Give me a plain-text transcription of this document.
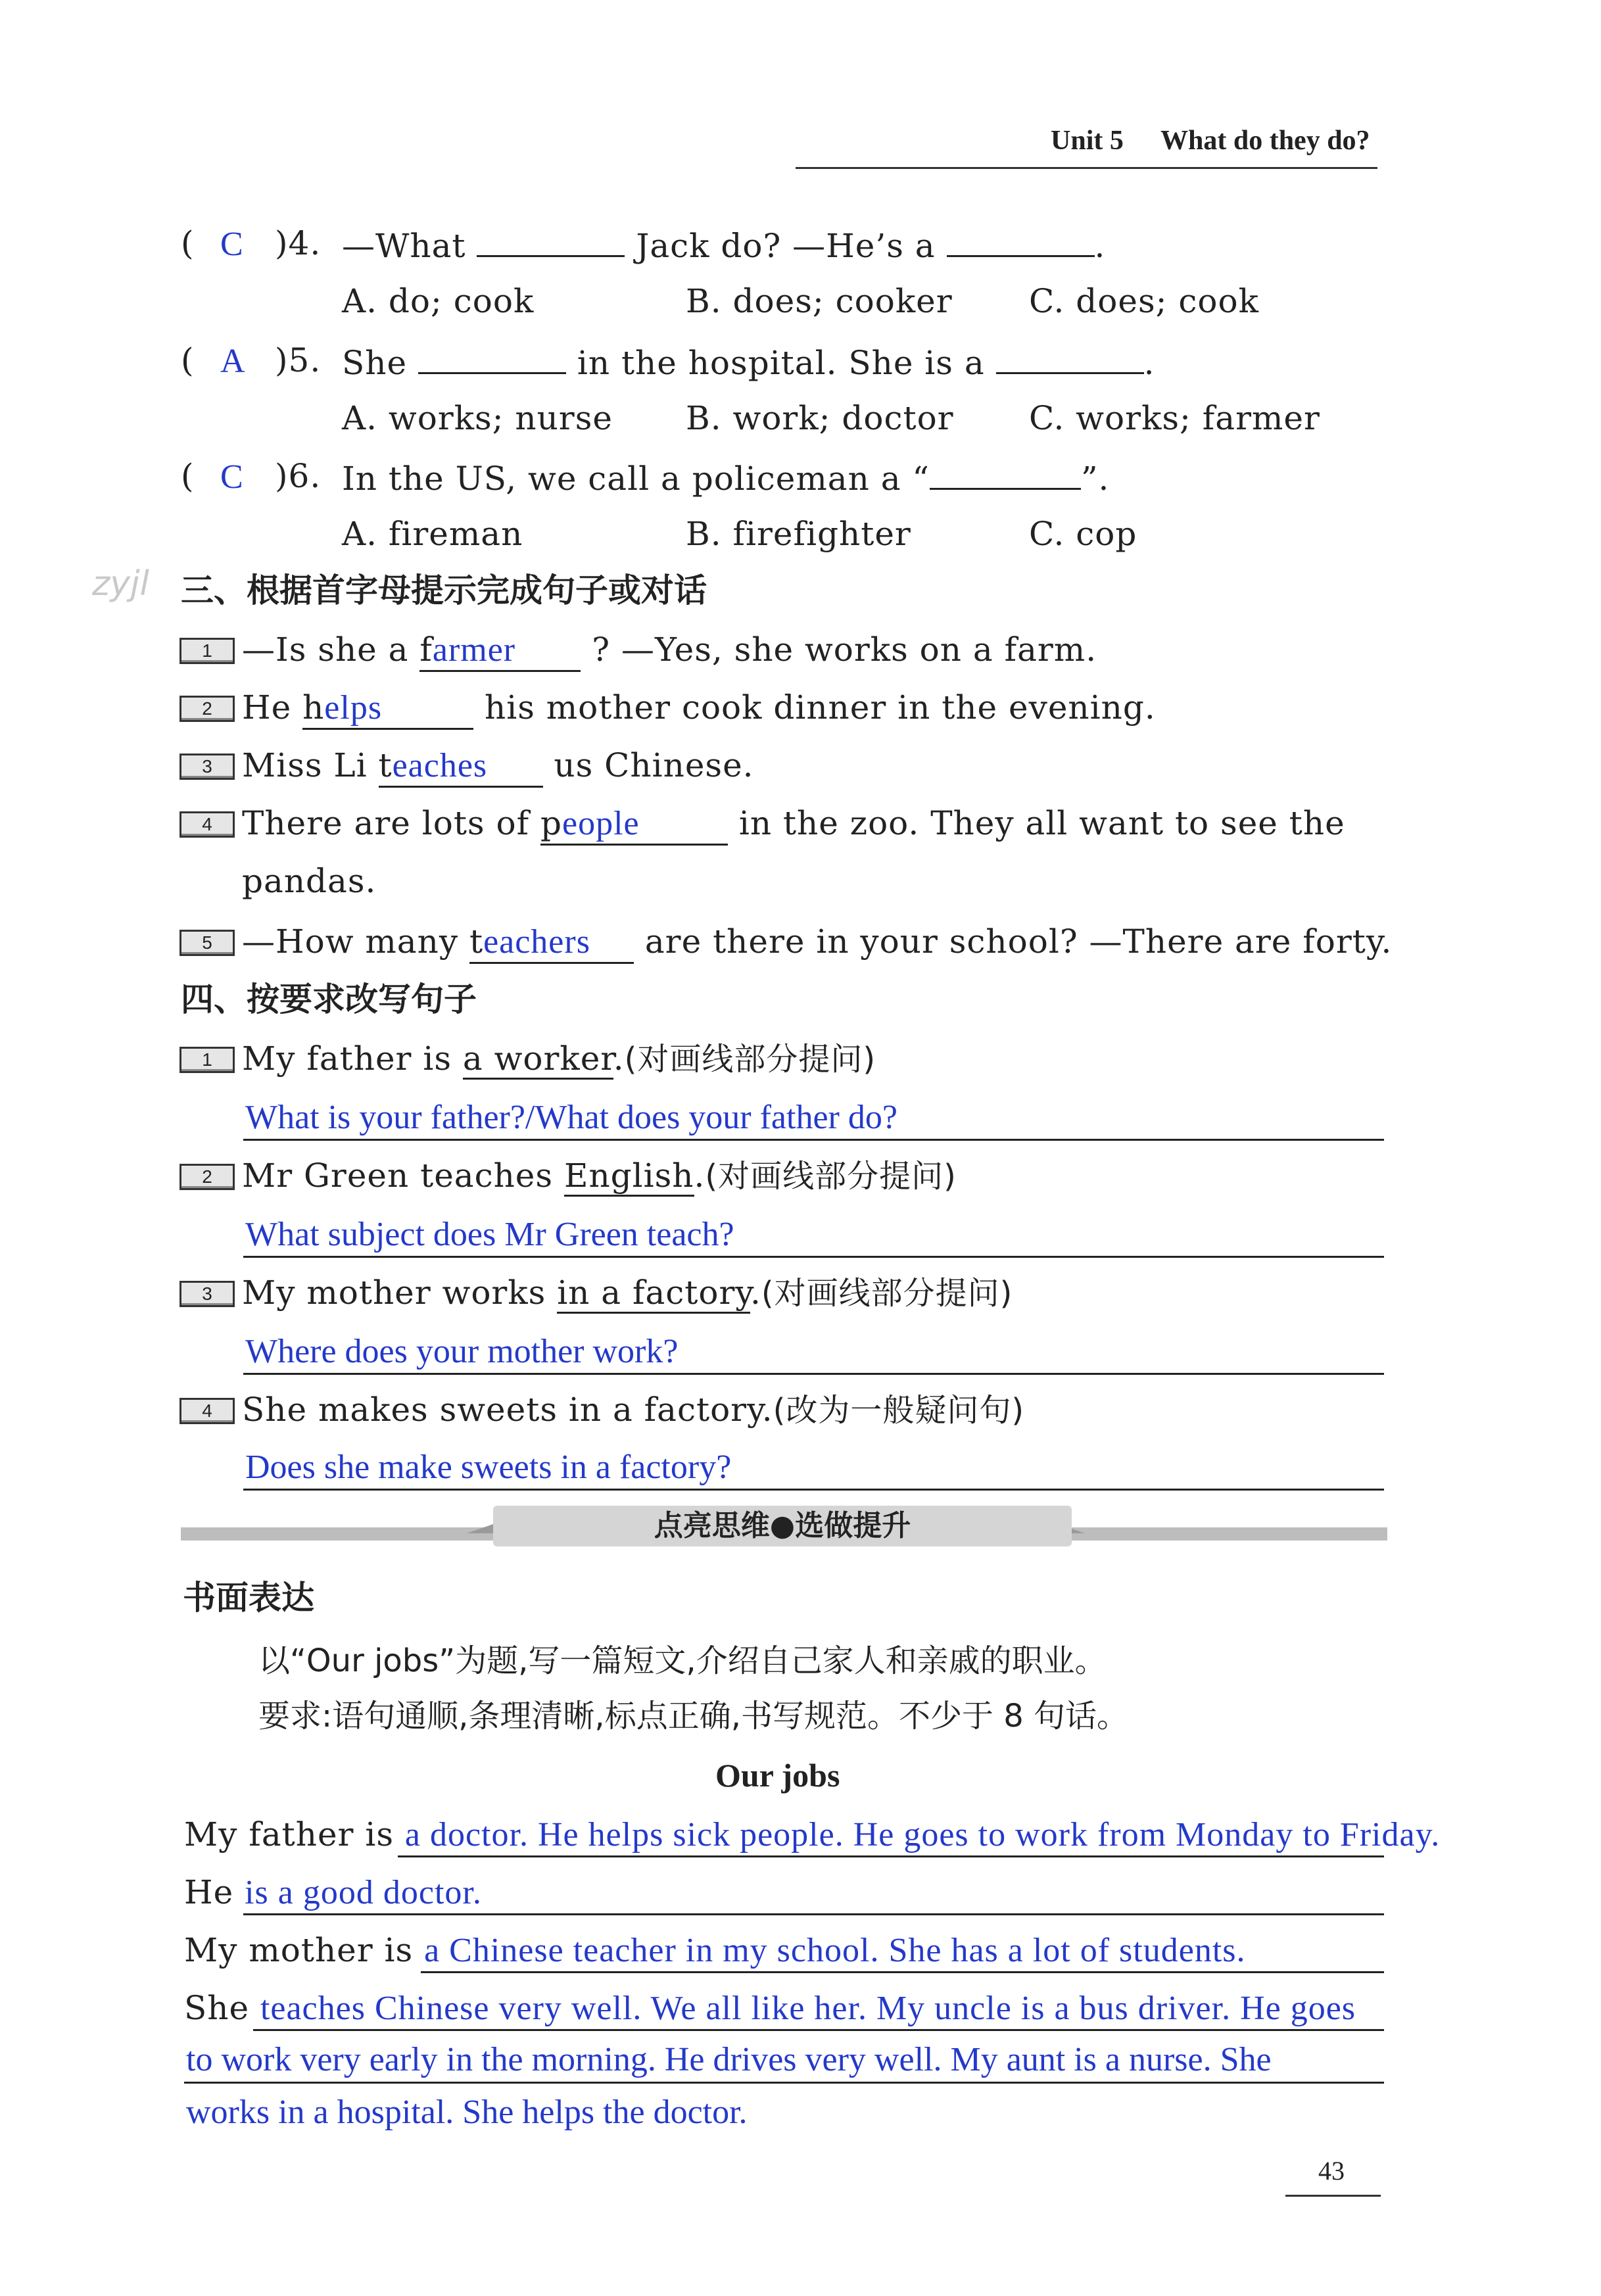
Unit 5 What do they do?
zyjl
( C )4. —What	Jack do? —He’s a	.
A. do; cook	B. does; cooker C. does; cook
( A )5. She	in the hospital. She is a	.
A. works; nurse B. work; doctor C. works; farmer
( C )6. In the US, we call a policeman a “	”.
A. fireman	B. firefighter	C. cop
三、根据首字母提示完成句子或对话
1 —Is she a farmer ? —Yes, she works on a farm.
2 He helps	his mother cook dinner in the evening.
3 Miss Li teaches us Chinese.
4 There are lots of people	in the zoo. They all want to see the
pandas.
5 —How many teachers are there in your school? —There are forty.
四、按要求改写句子
1 My father is a worker.(对画线部分提问)
What is your father?/What does your father do?
2 Mr Green teaches English.(对画线部分提问)
What subject does Mr Green teach?
3 My mother works in a factory.(对画线部分提问)
Where does your mother work?
4 She makes sweets in a factory.(改为一般疑问句)
Does she make sweets in a factory?
点亮思维●选做提升
书面表达
以“Our jobs”为题,写一篇短文,介绍自己家人和亲戚的职业。
要求:语句通顺,条理清晰,标点正确,书写规范。不少于 8 句话。
Our jobs
My father is a doctor. He helps sick people. He goes to work from Monday to Friday.
He is a good doctor.
My mother is a Chinese teacher in my school. She has a lot of students.
She teaches Chinese very well. We all like her. My uncle is a bus driver. He goes
to work very early in the morning. He drives very well. My aunt is a nurse. She
works in a hospital. She helps the doctor.
43
